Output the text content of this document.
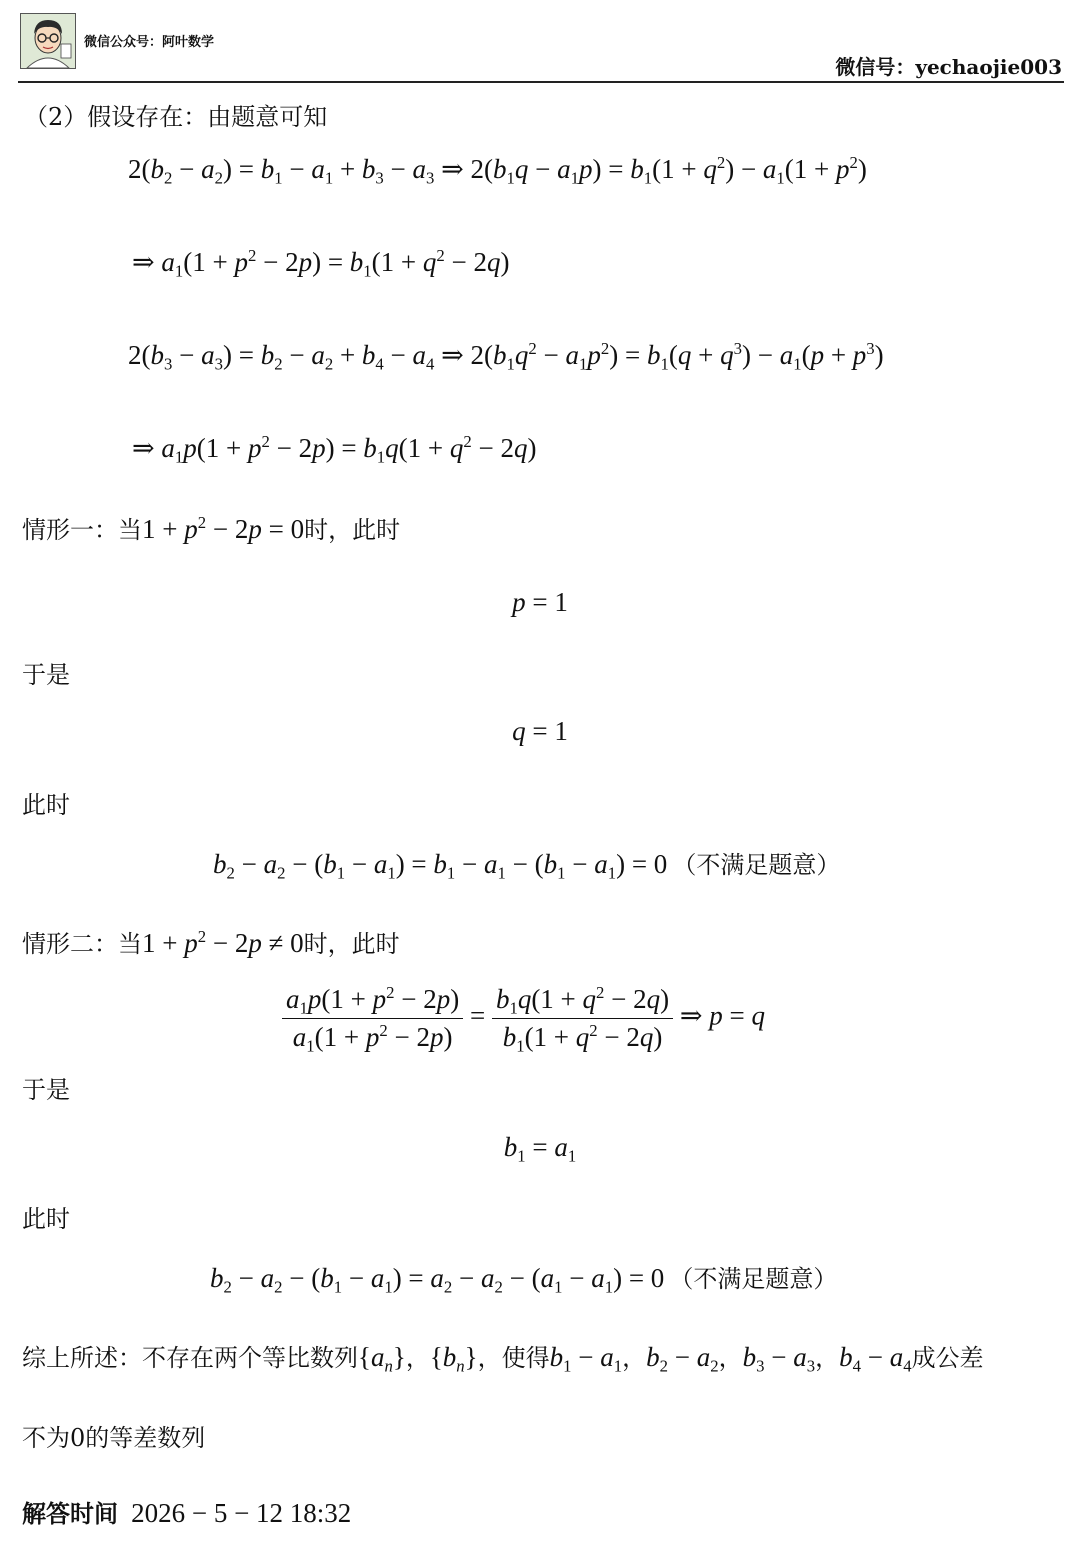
微信公众号：阿叶数学
微信号：yechaojie003
（2）假设存在：由题意可知
$2(b_2 - a_2) = b_1 - a_1 + b_3 - a_3$ ⇒ $2(b_1q - a_1p) = b_1(1 + q^2) - a_1(1 + p^2)$
⇒ $a_1(1 + p^2 - 2p) = b_1(1 + q^2 - 2q)$
$2(b_3 - a_3) = b_2 - a_2 + b_4 - a_4$ ⇒ $2(b_1q^2 - a_1p^2) = b_1(q + q^3) - a_1(p + p^3)$
⇒ $a_1p(1 + p^2 - 2p) = b_1q(1 + q^2 - 2q)$
情形一：当$1 + p^2 - 2p = 0$时，此时
p = 1
于是
q = 1
此时
$b_2 - a_2 - (b_1 - a_1) = b_1 - a_1 - (b_1 - a_1) = 0$ （不满足题意）
情形二：当$1 + p^2 - 2p \ne 0$时，此时
$\frac{a_1p(1 + p^2 - 2p)}{a_1(1 + p^2 - 2p)} = \frac{b_1q(1 + q^2 - 2q)}{b_1(1 + q^2 - 2q)}$ ⇒ p = q
于是
$b_1 = a_1$
此时
$b_2 - a_2 - (b_1 - a_1) = a_2 - a_2 - (a_1 - a_1) = 0$ （不满足题意）
综上所述：不存在两个等比数列$\{a_n\}$，$\{b_n\}$，使得$b_1 - a_1$，$b_2 - a_2$，$b_3 - a_3$，$b_4 - a_4$成公差
不为0的等差数列
解答时间 2026 − 5 − 12 18:32
